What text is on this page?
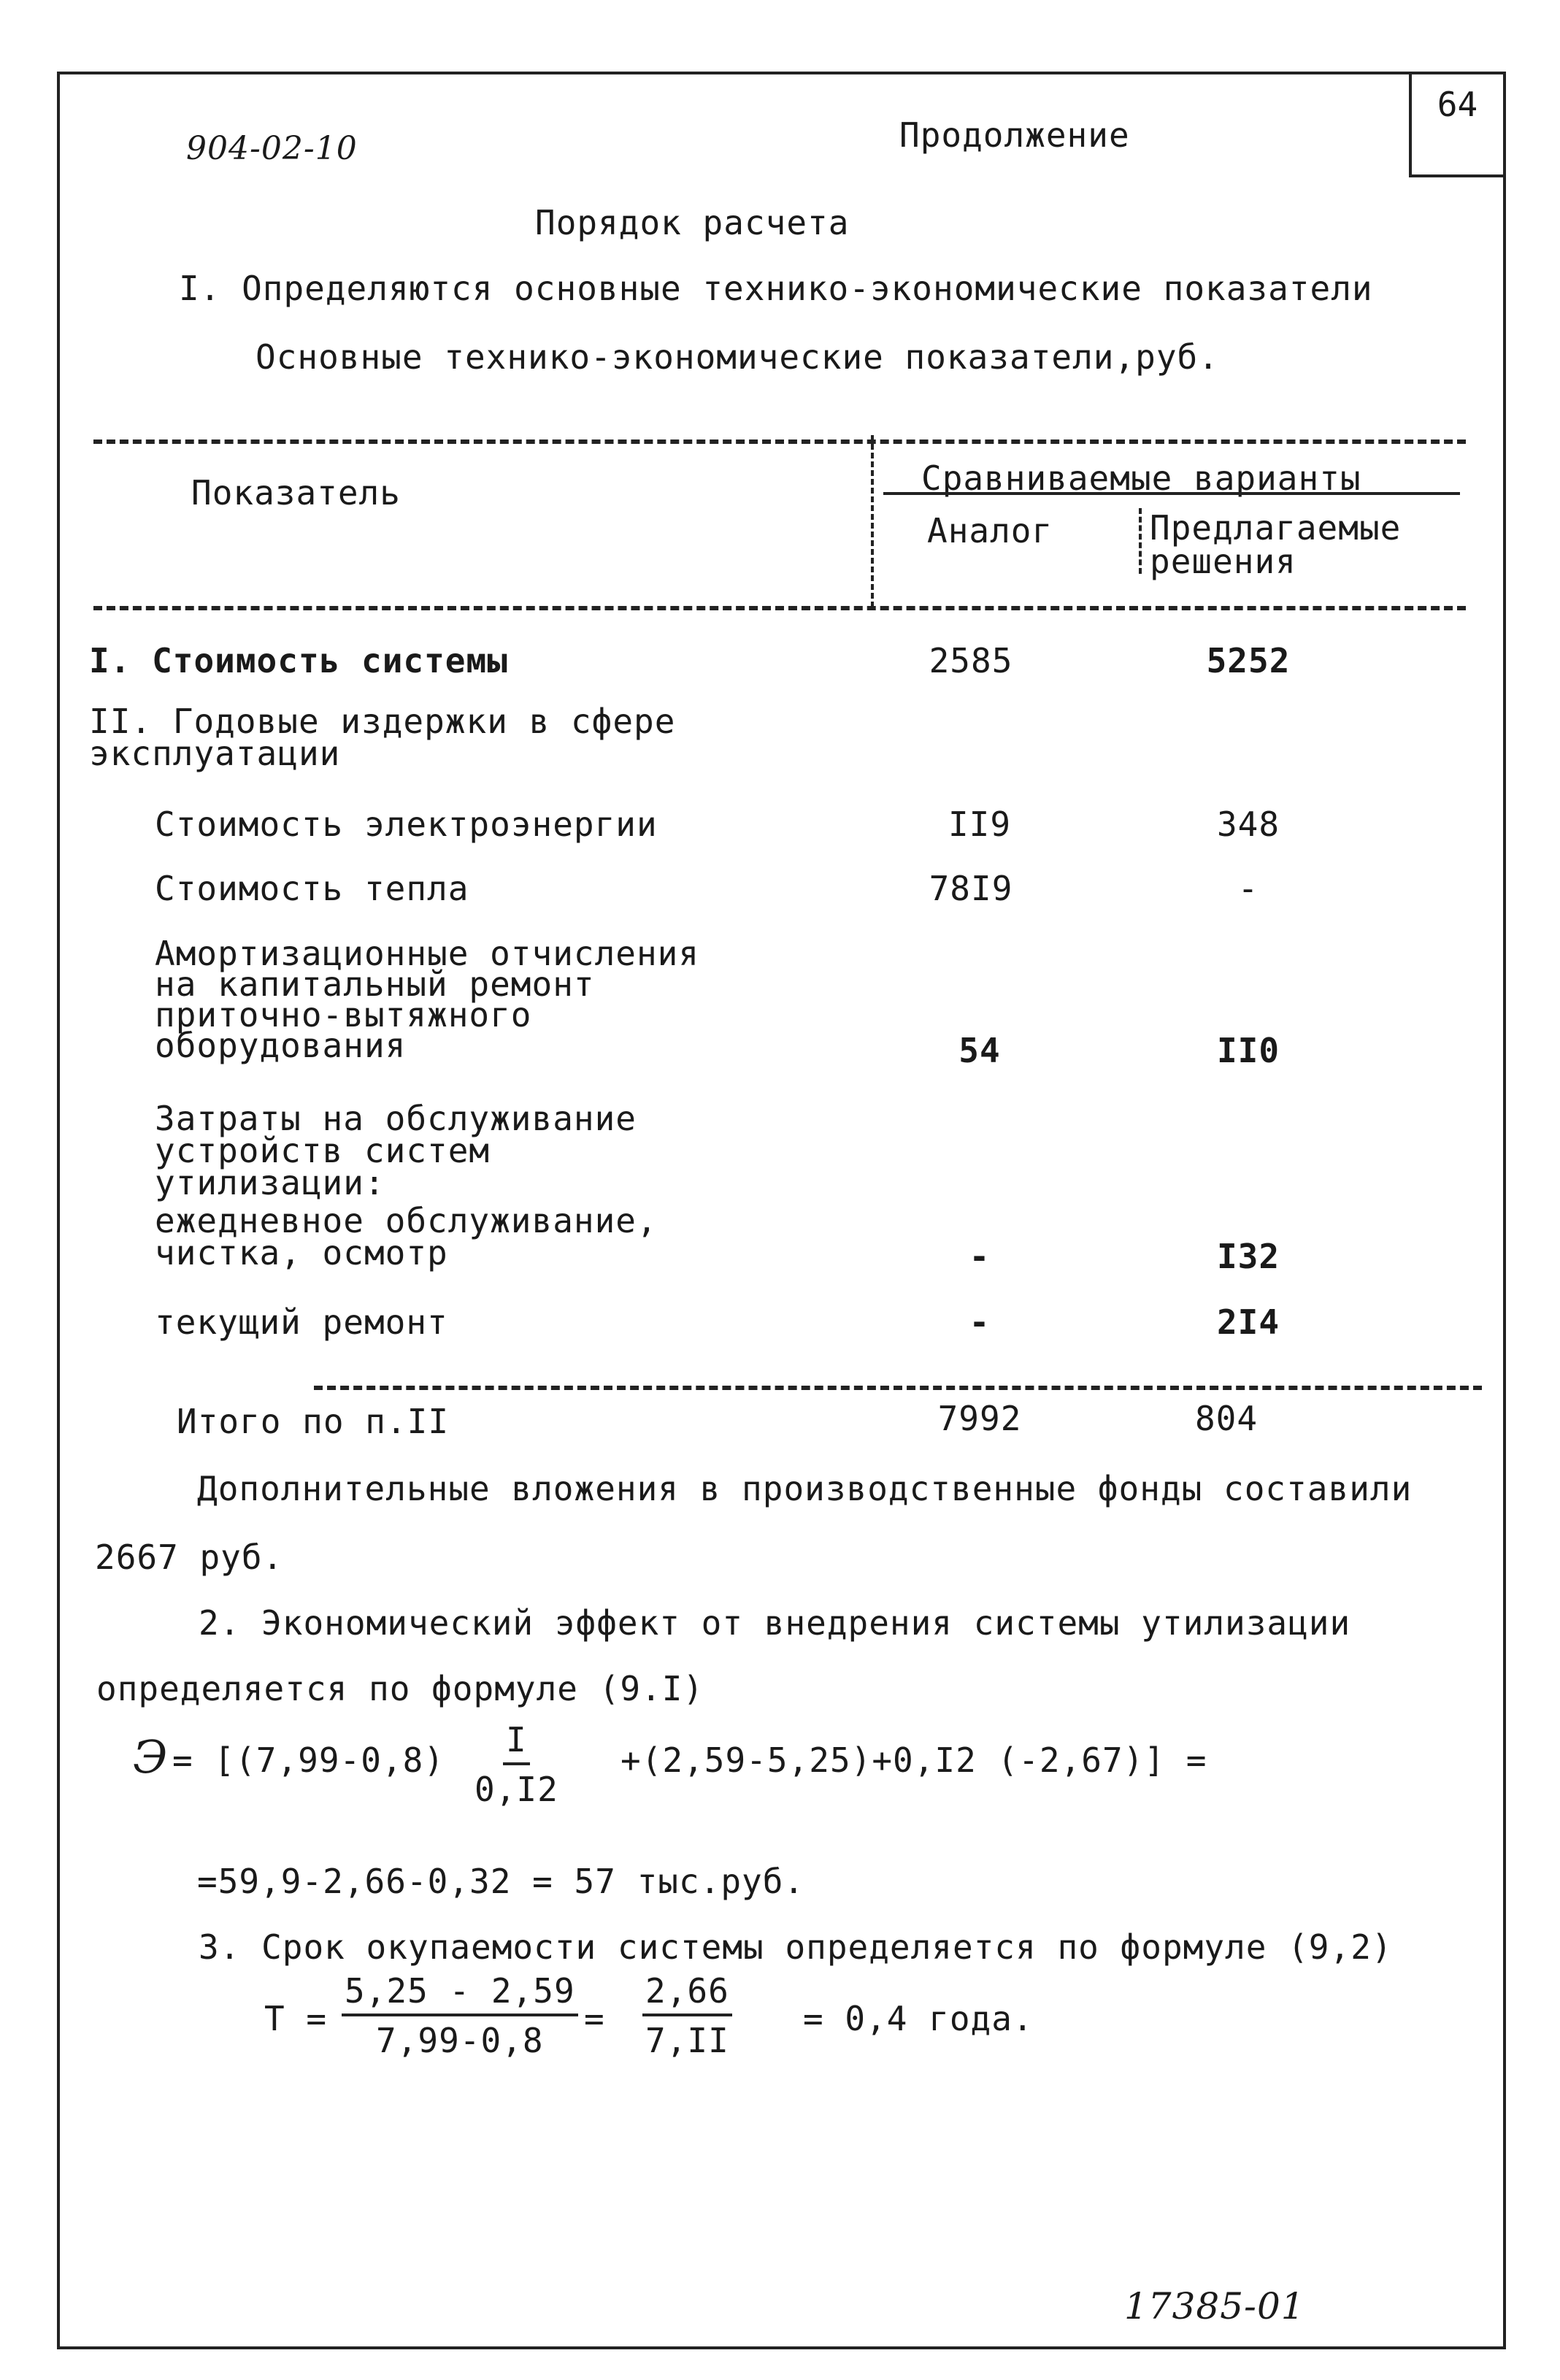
64
904-02-10	Продолжение
Порядок расчета
I. Определяются основные технико-экономические показатели
Основные технико-экономические показатели,руб.
Показатель	Сравниваемые варианты
Аналог	Предлагаемые решения
I. Стоимость системы	2585	5252
II. Годовые издержки в сфере эксплуатации
Стоимость электроэнергии	II9	348
Стоимость тепла	78I9	-
Амортизационные отчисления на капитальный ремонт приточно-вытяжного оборудования	54	II0
Затраты на обслуживание устройств систем утилизации:
ежедневное обслуживание, чистка, осмотр	-	I32
текущий ремонт	-	2I4
Итого по п.II	7992	804
Дополнительные вложения в производственные фонды составили
2667 руб.
2. Экономический эффект от внедрения системы утилизации
определяется по формуле (9.I)
$Э = [(7,99-0,8) \frac{I}{0,I2} +(2,59-5,25)+0,I2$ (-2,67)] =
=59,9-2,66-0,32 = 57 тыс.руб.
3. Срок окупаемости системы определяется по формуле (9,2)
$T = \frac{5,25 - 2,59}{7,99-0,8} = \frac{2,66}{7,II} = 0,4$ года.
17385-01
